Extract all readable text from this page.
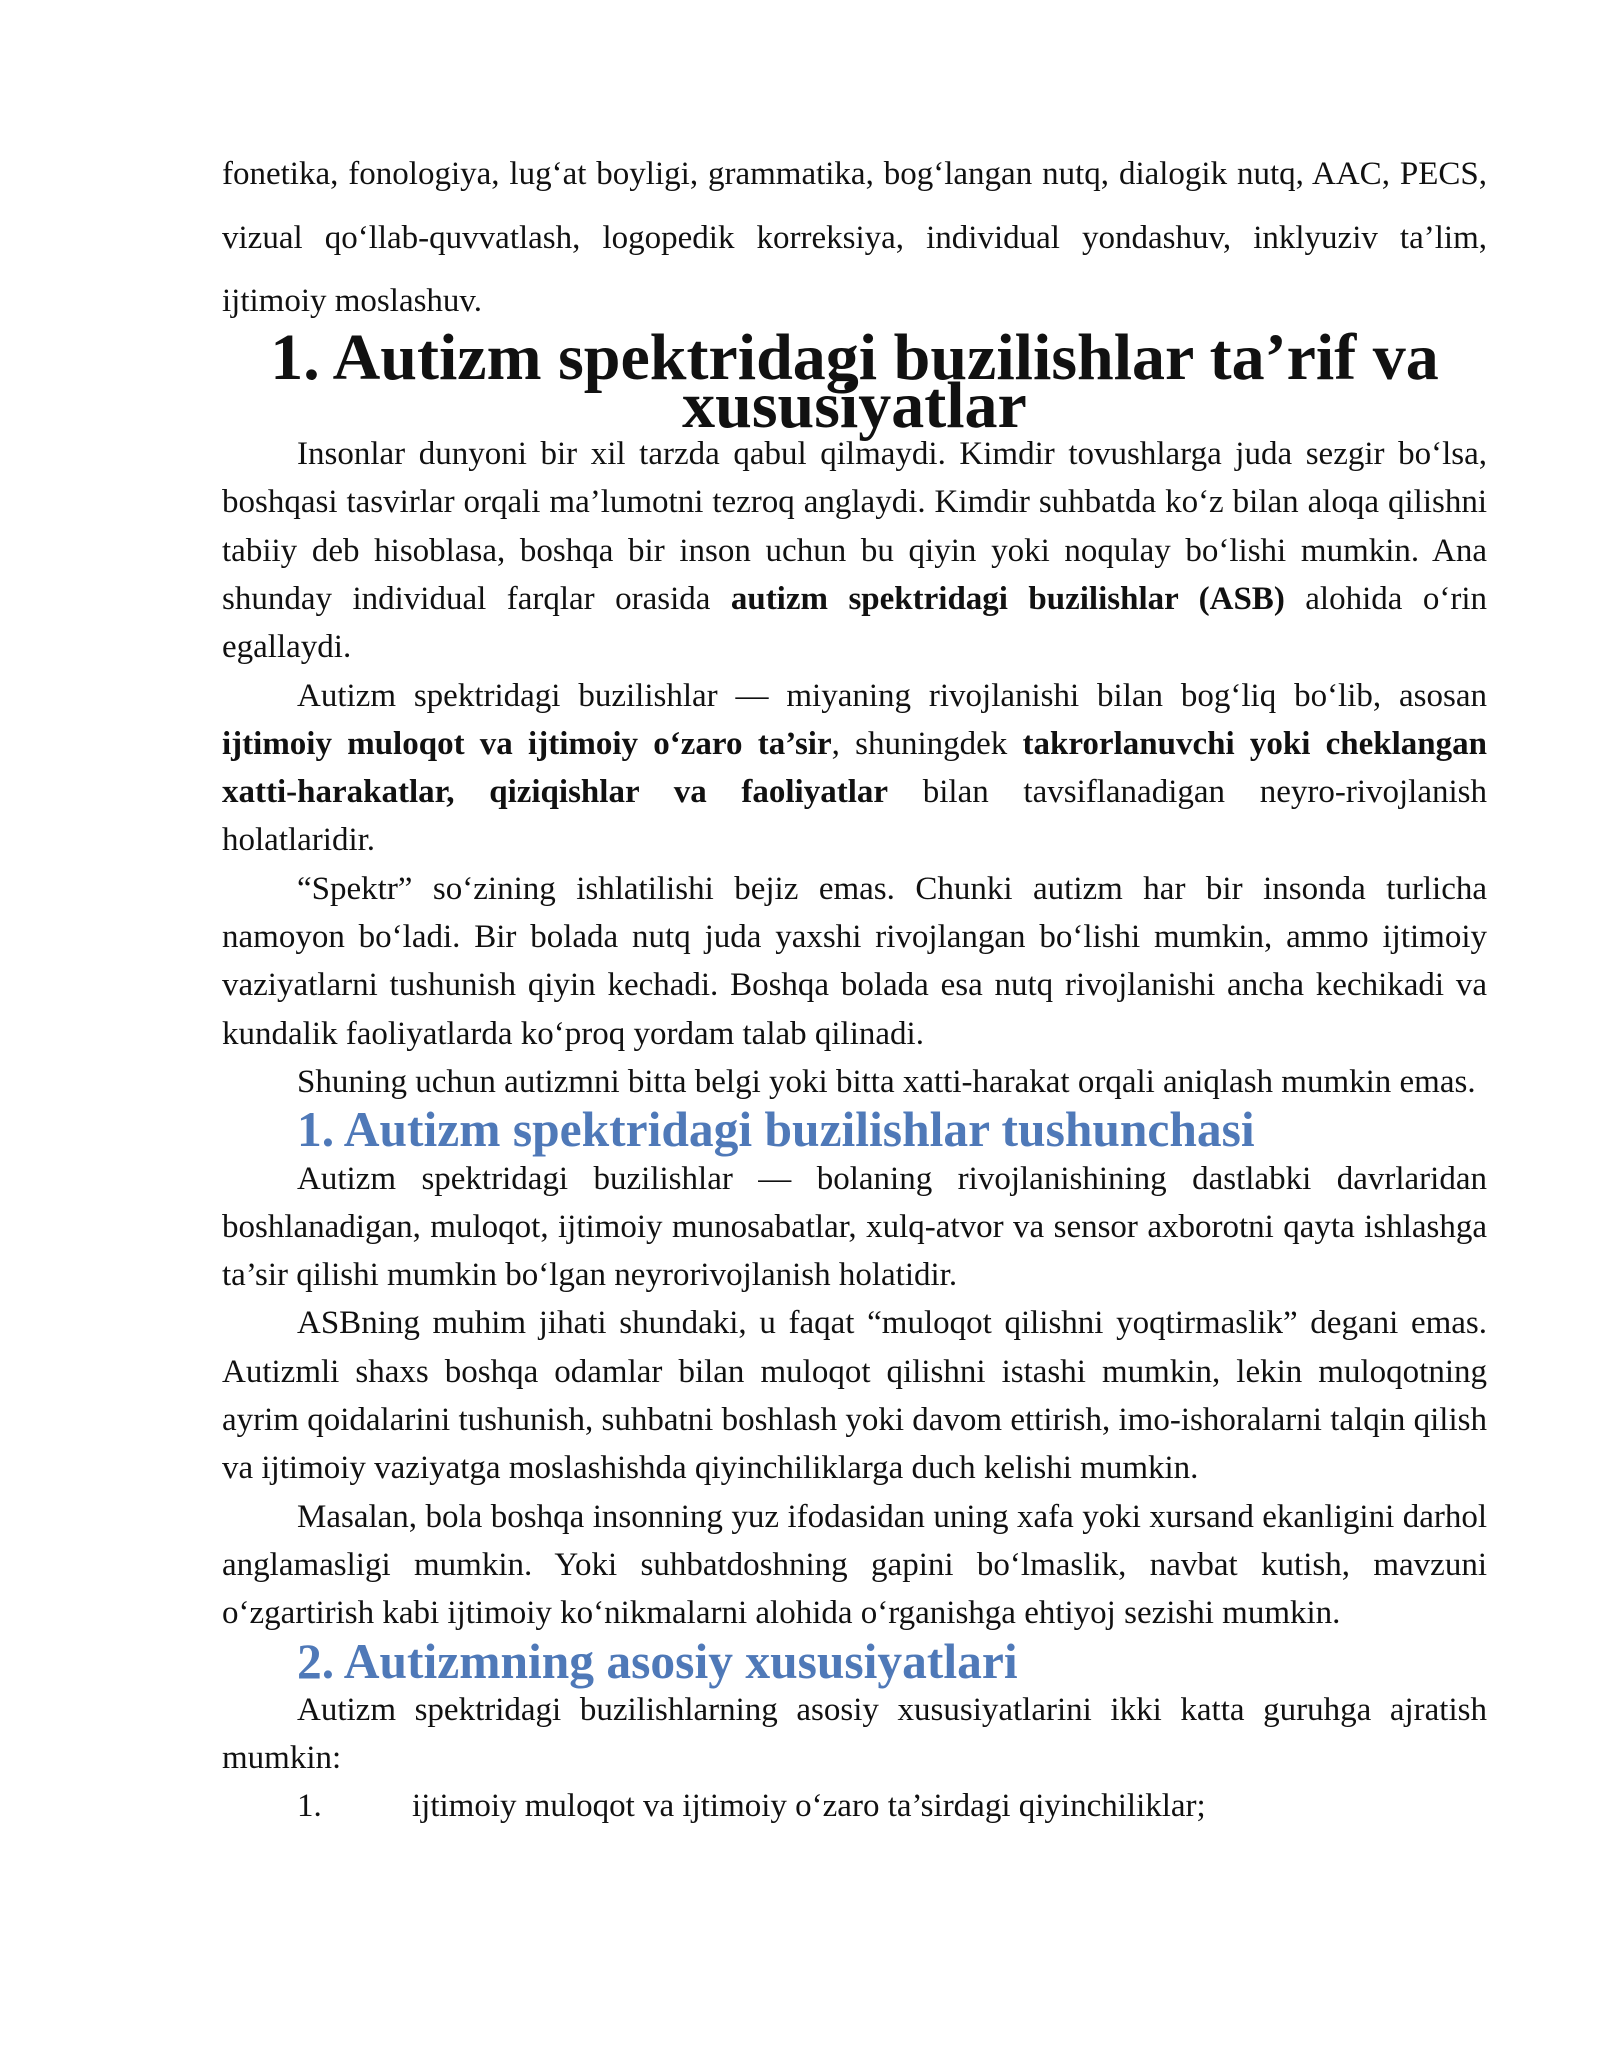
fonetika, fonologiya, lug‘at boyligi, grammatika, bog‘langan nutq, dialogik nutq, AAC, PECS, vizual qo‘llab-quvvatlash, logopedik korreksiya, individual yondashuv, inklyuziv ta’lim, ijtimoiy moslashuv.

1. Autizm spektridagi buzilishlar ta’rif va xususiyatlar

Insonlar dunyoni bir xil tarzda qabul qilmaydi. Kimdir tovushlarga juda sezgir bo‘lsa, boshqasi tasvirlar orqali ma’lumotni tezroq anglaydi. Kimdir suhbatda ko‘z bilan aloqa qilishni tabiiy deb hisoblasa, boshqa bir inson uchun bu qiyin yoki noqulay bo‘lishi mumkin. Ana shunday individual farqlar orasida autizm spektridagi buzilishlar (ASB) alohida o‘rin egallaydi.

Autizm spektridagi buzilishlar — miyaning rivojlanishi bilan bog‘liq bo‘lib, asosan ijtimoiy muloqot va ijtimoiy o‘zaro ta’sir, shuningdek takrorlanuvchi yoki cheklangan xatti-harakatlar, qiziqishlar va faoliyatlar bilan tavsiflanadigan neyro-rivojlanish holatlaridir.

“Spektr” so‘zining ishlatilishi bejiz emas. Chunki autizm har bir insonda turlicha namoyon bo‘ladi. Bir bolada nutq juda yaxshi rivojlangan bo‘lishi mumkin, ammo ijtimoiy vaziyatlarni tushunish qiyin kechadi. Boshqa bolada esa nutq rivojlanishi ancha kechikadi va kundalik faoliyatlarda ko‘proq yordam talab qilinadi.

Shuning uchun autizmni bitta belgi yoki bitta xatti-harakat orqali aniqlash mumkin emas.

1. Autizm spektridagi buzilishlar tushunchasi

Autizm spektridagi buzilishlar — bolaning rivojlanishining dastlabki davrlaridan boshlanadigan, muloqot, ijtimoiy munosabatlar, xulq-atvor va sensor axborotni qayta ishlashga ta’sir qilishi mumkin bo‘lgan neyrorivojlanish holatidir.

ASBning muhim jihati shundaki, u faqat “muloqot qilishni yoqtirmaslik” degani emas. Autizmli shaxs boshqa odamlar bilan muloqot qilishni istashi mumkin, lekin muloqotning ayrim qoidalarini tushunish, suhbatni boshlash yoki davom ettirish, imo-ishoralarni talqin qilish va ijtimoiy vaziyatga moslashishda qiyinchiliklarga duch kelishi mumkin.

Masalan, bola boshqa insonning yuz ifodasidan uning xafa yoki xursand ekanligini darhol anglamasligi mumkin. Yoki suhbatdoshning gapini bo‘lmaslik, navbat kutish, mavzuni o‘zgartirish kabi ijtimoiy ko‘nikmalarni alohida o‘rganishga ehtiyoj sezishi mumkin.

2. Autizmning asosiy xususiyatlari

Autizm spektridagi buzilishlarning asosiy xususiyatlarini ikki katta guruhga ajratish mumkin:

1.	ijtimoiy muloqot va ijtimoiy o‘zaro ta’sirdagi qiyinchiliklar;
